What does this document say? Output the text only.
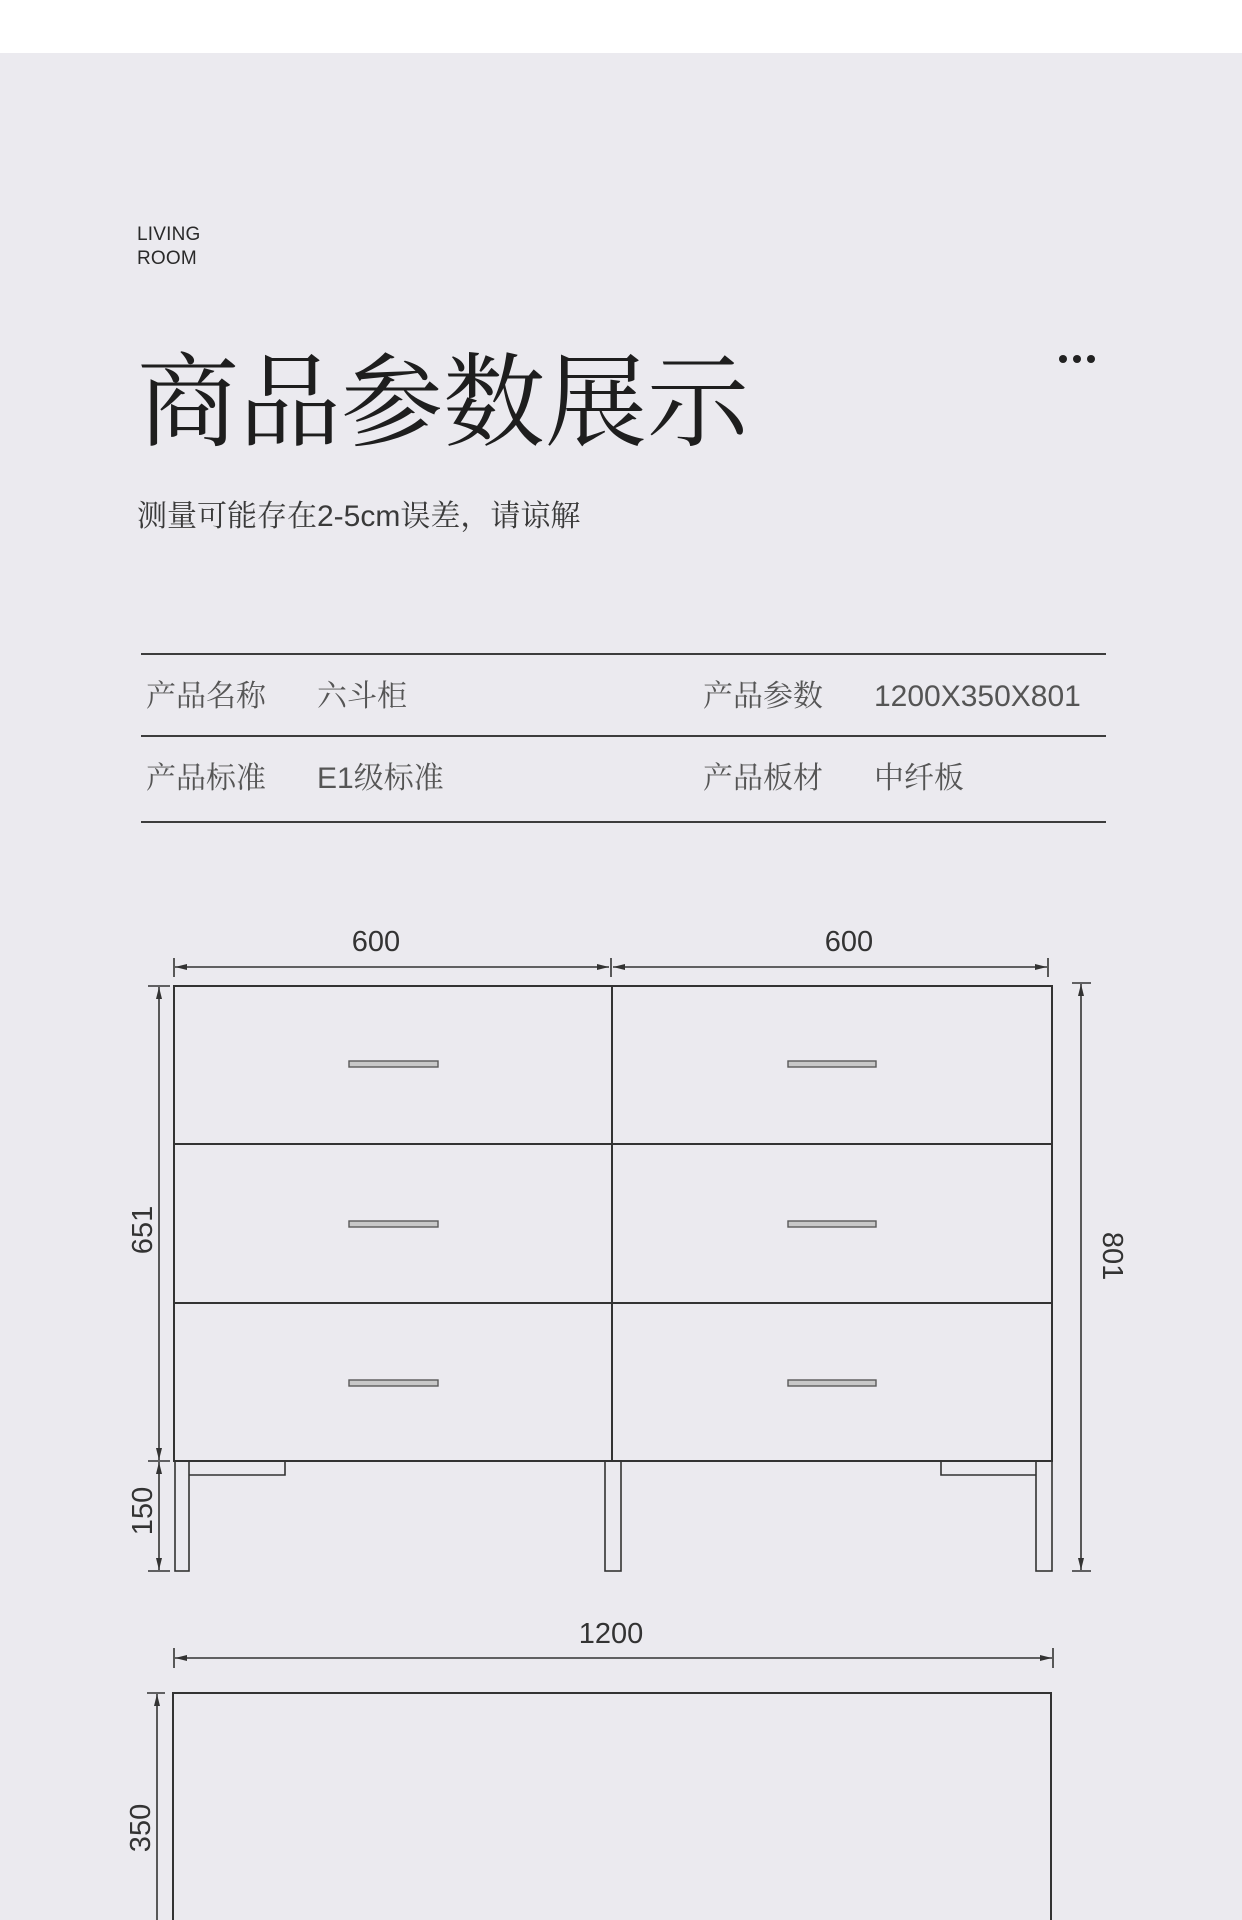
LIVING
ROOM
商品参数展示
测量可能存在2-5cm误差，请谅解
产品名称 六斗柜	产品参数 1200X350X801
产品标准 E1级标准	产品板材 中纤板
600	600
651
150
801
1200
350
